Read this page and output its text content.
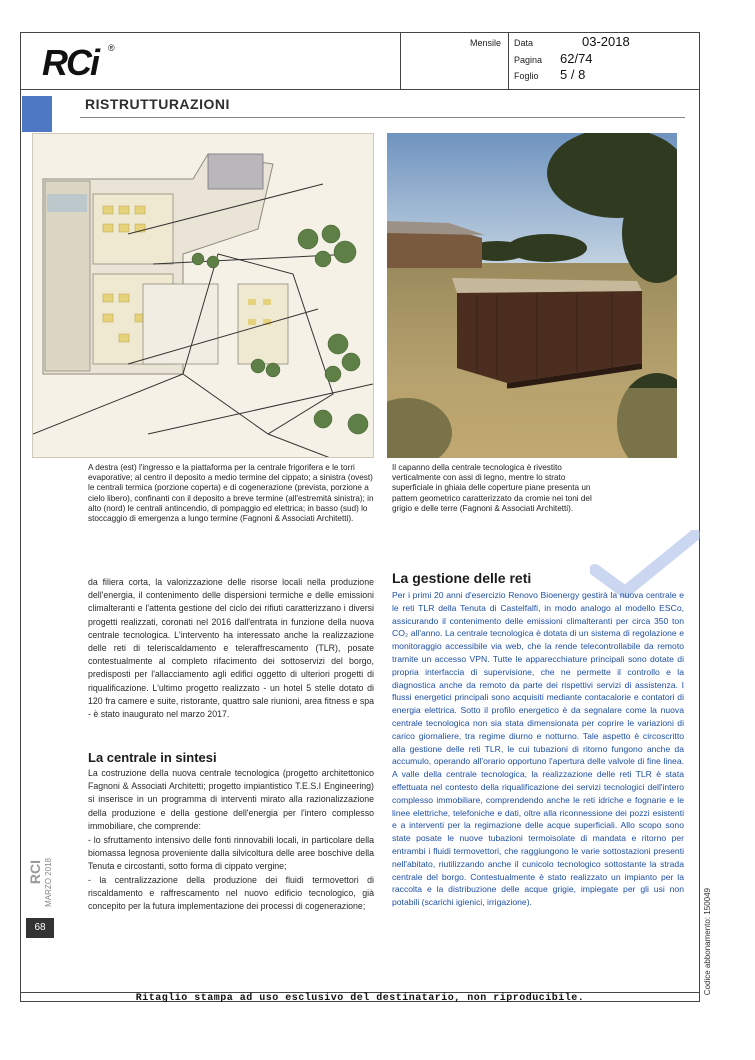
RCi ®	Mensile Data	03-2018
Pagina 62/74
Foglio 5 / 8
RISTRUTTURAZIONI
A destra (est) l'ingresso e la piattaforma per la centrale frigorifera e le torri evaporative; al centro il deposito a medio termine del cippato; a sinistra (ovest) le centrali termica (porzione coperta) e di cogenerazione (prevista, porzione a cielo libero), confinanti con il deposito a breve termine (all'estremità sinistra); in alto (nord) le centrali antincendio, di pompaggio ed elettrica; in basso (sud) lo stoccaggio di emergenza a lungo termine (Fagnoni & Associati Architetti).
Il capanno della centrale tecnologica è rivestito verticalmente con assi di legno, mentre lo strato superficiale in ghiaia delle coperture piane presenta un pattern geometrico caratterizzato da cromie nei toni del grigio e delle terre (Fagnoni & Associati Architetti).
da filiera corta, la valorizzazione delle risorse locali nella produzione dell'energia, il contenimento delle dispersioni termiche e delle emissioni climalteranti e l'attenta gestione del ciclo dei rifiuti caratterizzano i diversi progetti realizzati, coronati nel 2016 dall'entrata in funzione della nuova centrale tecnologica. L'intervento ha interessato anche la realizzazione delle reti di teleriscaldamento e teleraffrescamento (TLR), posate contestualmente al completo rifacimento dei sottoservizi del borgo, predisposti per l'allacciamento agli edifici oggetto di ulteriori progetti di riqualificazione. L'ultimo progetto realizzato - un hotel 5 stelle dotato di 120 fra camere e suite, ristorante, quattro sale riunioni, area fitness e spa - è stato inaugurato nel marzo 2017.
La centrale in sintesi
La costruzione della nuova centrale tecnologica (progetto architettonico Fagnoni & Associati Architetti; progetto impiantistico T.E.S.I Engineering) si inserisce in un programma di interventi mirato alla razionalizzazione della produzione e della gestione dell'energia per l'intero complesso immobiliare, che comprende:
- lo sfruttamento intensivo delle fonti rinnovabili locali, in particolare della biomassa legnosa proveniente dalla silvicoltura delle aree boschive della Tenuta e circostanti, sotto forma di cippato vergine;
- la centralizzazione della produzione dei fluidi termovettori di riscaldamento e raffrescamento nel nuovo edificio tecnologico, già concepito per la futura implementazione dei processi di cogenerazione;
La gestione delle reti
Per i primi 20 anni d'esercizio Renovo Bioenergy gestirà la nuova centrale e le reti TLR della Tenuta di Castelfalfi, in modo analogo al modello ESCo, assicurando il contenimento delle emissioni climalteranti per circa 350 ton CO₂ all'anno. La centrale tecnologica è dotata di un sistema di regolazione e monitoraggio accessibile via web, che la rende telecontrollabile da remoto tramite un accesso VPN. Tutte le apparecchiature principali sono dotate di propria interfaccia di supervisione, che ne permette il controllo e la diagnostica anche da remoto da parte dei rispettivi servizi di assistenza. I flussi energetici principali sono acquisiti mediante contacalorie e contatori di energia elettrica. Sotto il profilo energetico è da segnalare come la nuova centrale tecnologica non sia stata dimensionata per coprire le variazioni di carico giornaliere, tra regime diurno e notturno. Tale aspetto è circoscritto alla gestione delle reti TLR, le cui tubazioni di ritorno fungono anche da accumulo, operando all'orario opportuno l'apertura delle valvole di fine linea. A valle della centrale tecnologica, la realizzazione delle reti TLR è stata effettuata nel contesto della riqualificazione dei servizi tecnologici dell'intero complesso immobiliare, comprendendo anche le reti idriche e fognarie e le linee elettriche, telefoniche e dati, oltre alla riconnessione dei pozzi esistenti e a interventi per la regimazione delle acque superficiali. Allo scopo sono state posate le nuove tubazioni termoisolate di mandata e ritorno per entrambi i fluidi termovettori, che raggiungono le varie sottostazioni presenti nell'abitato, riutilizzando anche il cunicolo tecnologico sottostante la strada centrale del borgo. Contestualmente è stato realizzato un impianto per la raccolta e la distribuzione delle acque grigie, impiegate per gli usi non potabili (scarichi igienici, irrigazione).
RCI MARZO 2018
68	Codice abbonamento: 150049
Ritaglio stampa ad uso esclusivo del destinatario, non riproducibile.
